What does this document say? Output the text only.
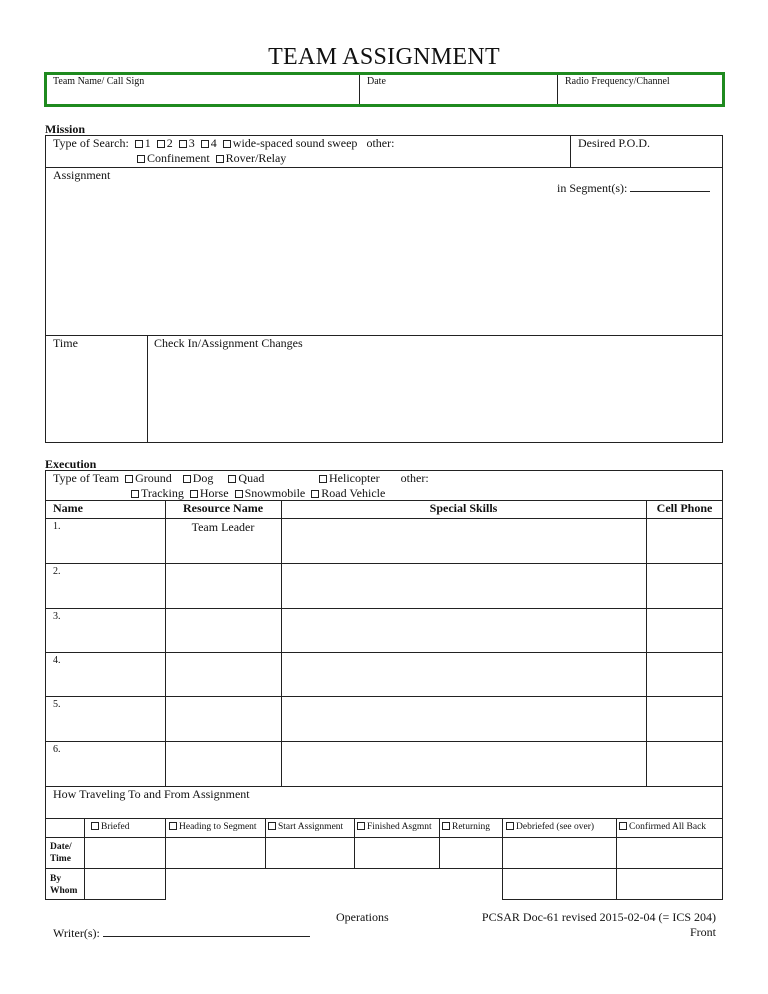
TEAM ASSIGNMENT
Team Name/ Call Sign	Date	Radio Frequency/Channel
Mission
Type of Search: 1 2 3 4 wide-spaced sound sweep other:
Confinement Rover/Relay
Desired P.O.D.
Assignment
in Segment(s):
Time	Check In/Assignment Changes
Execution
Type of Team Ground Dog Quad	Helicopter other:
Tracking Horse Snowmobile Road Vehicle
Name	Resource Name	Special Skills	Cell Phone
1.	Team Leader
2.
3.
4.
5.
6.
How Traveling To and From Assignment
Briefed	Heading to Segment	Start Assignment	Finished Asgmnt	Returning	Debriefed (see over)	Confirmed All Back
Date/
Time
By
Whom
Operations
Writer(s):
PCSAR Doc-61 revised 2015-02-04 (= ICS 204)
Front
